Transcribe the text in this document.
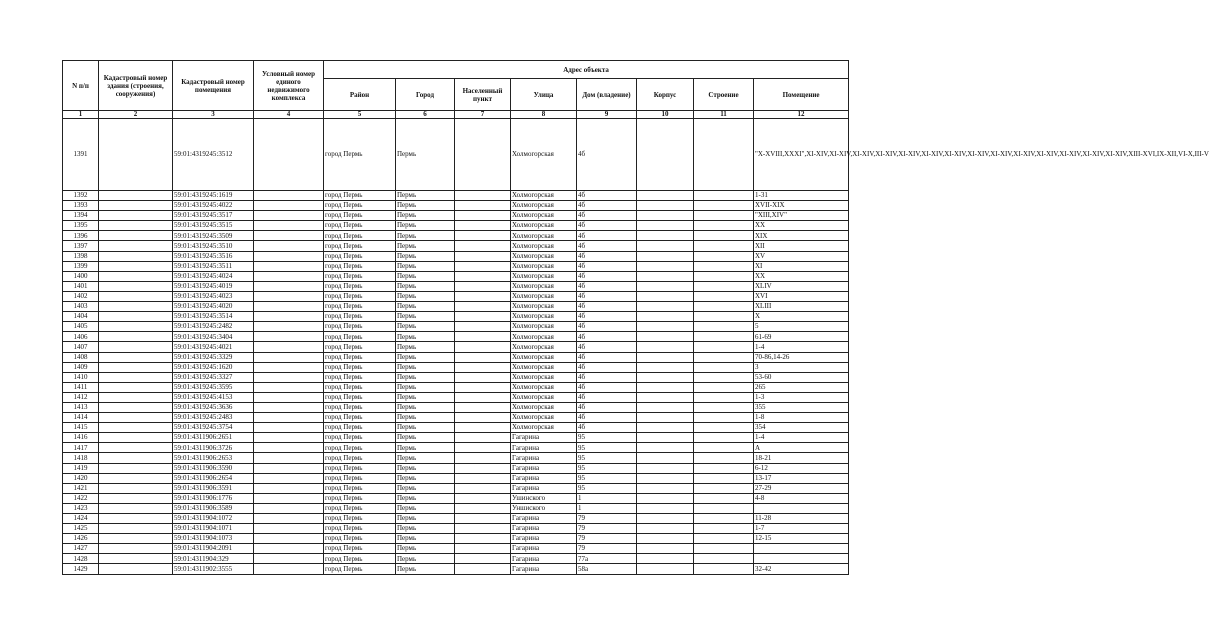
N п/п	Кадастровый номер здания (строения, сооружения)	Кадастровый номер помещения	Условный номер единого недвижимого комплекса	Адрес объекта							
				Район	Город	Населенный пункт	Улица	Дом (владение)	Корпус	Строение	Помещение
1	2	3	4	5	6	7	8	9	10	11	12
1391		59:01:4319245:3512		город Пермь	Пермь		Холмогорская	4б			"X-XVIII,XXXI",XI-XIV,XI-XIV,XI-XIV,XI-XIV,XI-XIV,XI-XIV,XI-XIV,XI-XIV,XI-XIV,XI-XIV,XI-XIV,XI-XIV,XI-XIV,XI-XIV,XIII-XVI,IX-XII,VI-X,III-V
1392		59:01:4319245:1619		город Пермь	Пермь		Холмогорская	4б			1-31
1393		59:01:4319245:4022		город Пермь	Пермь		Холмогорская	4б			XVII-XIX
1394		59:01:4319245:3517		город Пермь	Пермь		Холмогорская	4б			"XIII,XIV"
1395		59:01:4319245:3515		город Пермь	Пермь		Холмогорская	4б			XX
1396		59:01:4319245:3509		город Пермь	Пермь		Холмогорская	4б			XIX
1397		59:01:4319245:3510		город Пермь	Пермь		Холмогорская	4б			XII
1398		59:01:4319245:3516		город Пермь	Пермь		Холмогорская	4б			XV
1399		59:01:4319245:3511		город Пермь	Пермь		Холмогорская	4б			XI
1400		59:01:4319245:4024		город Пермь	Пермь		Холмогорская	4б			XX
1401		59:01:4319245:4019		город Пермь	Пермь		Холмогорская	4б			XLIV
1402		59:01:4319245:4023		город Пермь	Пермь		Холмогорская	4б			XVI
1403		59:01:4319245:4020		город Пермь	Пермь		Холмогорская	4б			XLIII
1404		59:01:4319245:3514		город Пермь	Пермь		Холмогорская	4б			X
1405		59:01:4319245:2482		город Пермь	Пермь		Холмогорская	4б			5
1406		59:01:4319245:3404		город Пермь	Пермь		Холмогорская	4б			61-69
1407		59:01:4319245:4021		город Пермь	Пермь		Холмогорская	4б			1-4
1408		59:01:4319245:3329		город Пермь	Пермь		Холмогорская	4б			70-86,14-26
1409		59:01:4319245:1620		город Пермь	Пермь		Холмогорская	4б			3
1410		59:01:4319245:3327		город Пермь	Пермь		Холмогорская	4б			53-60
1411		59:01:4319245:3595		город Пермь	Пермь		Холмогорская	4б			265
1412		59:01:4319245:4153		город Пермь	Пермь		Холмогорская	4б			1-3
1413		59:01:4319245:3636		город Пермь	Пермь		Холмогорская	4б			355
1414		59:01:4319245:2483		город Пермь	Пермь		Холмогорская	4б			1-8
1415		59:01:4319245:3754		город Пермь	Пермь		Холмогорская	4б			354
1416		59:01:4311906:2651		город Пермь	Пермь		Гагарина	95			1-4
1417		59:01:4311906:3726		город Пермь	Пермь		Гагарина	95			А
1418		59:01:4311906:2653		город Пермь	Пермь		Гагарина	95			18-21
1419		59:01:4311906:3590		город Пермь	Пермь		Гагарина	95			6-12
1420		59:01:4311906:2654		город Пермь	Пермь		Гагарина	95			13-17
1421		59:01:4311906:3591		город Пермь	Пермь		Гагарина	95			27-29
1422		59:01:4311906:1776		город Пермь	Пермь		Ушинского	1			4-8
1423		59:01:4311906:3589		город Пермь	Пермь		Уншиского	1			
1424		59:01:4311904:1072		город Пермь	Пермь		Гагарина	79			11-28
1425		59:01:4311904:1071		город Пермь	Пермь		Гагарина	79			1-7
1426		59:01:4311904:1073		город Пермь	Пермь		Гагарина	79			12-15
1427		59:01:4311904:2091		город Пермь	Пермь		Гагарина	79			
1428		59:01:4311904:329		город Пермь	Пермь		Гагарина	77а			
1429		59:01:4311902:3555		город Пермь	Пермь		Гагарина	58а			32-42
